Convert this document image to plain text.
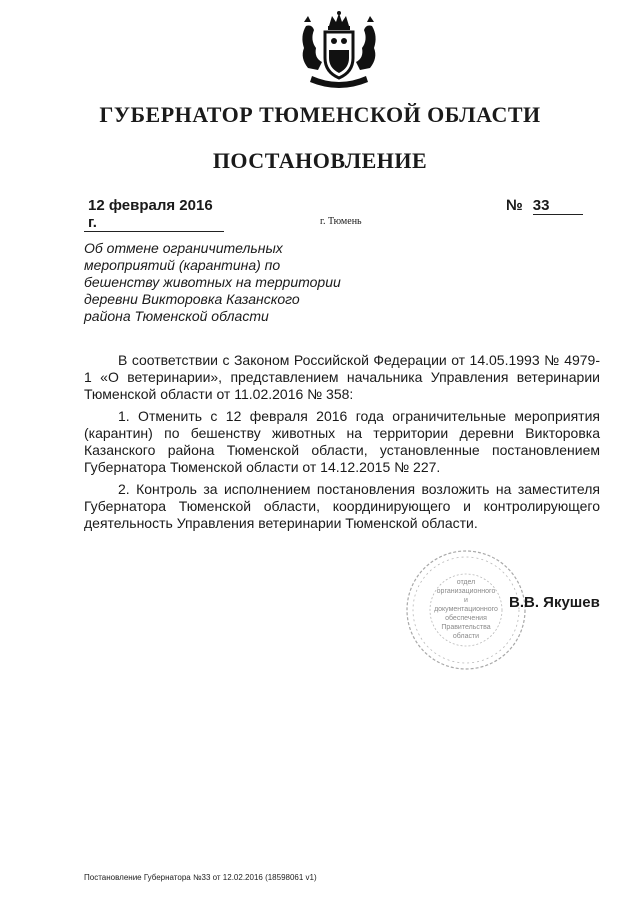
ГУБЕРНАТОР ТЮМЕНСКОЙ ОБЛАСТИ
ПОСТАНОВЛЕНИЕ
12 февраля 2016 г.
№ 33
г. Тюмень
Об отмене ограничительных
мероприятий (карантина) по
бешенству животных на территории
деревни Викторовка Казанского
района Тюменской области

В соответствии с Законом Российской Федерации от 14.05.1993 № 4979-1 «О ветеринарии», представлением начальника Управления ветеринарии Тюменской области от 11.02.2016 № 358:

1. Отменить с 12 февраля 2016 года ограничительные мероприятия (карантин) по бешенству животных на территории деревни Викторовка Казанского района Тюменской области, установленные постановлением Губернатора Тюменской области от 14.12.2015 № 227.

2. Контроль за исполнением постановления возложить на заместителя Губернатора Тюменской области, координирующего и контролирующего деятельность Управления ветеринарии Тюменской области.

отдел
организационного
и
документационного
обеспечения
Правительства
области
В.В. Якушев
Постановление Губернатора №33 от 12.02.2016 (18598061 v1)
